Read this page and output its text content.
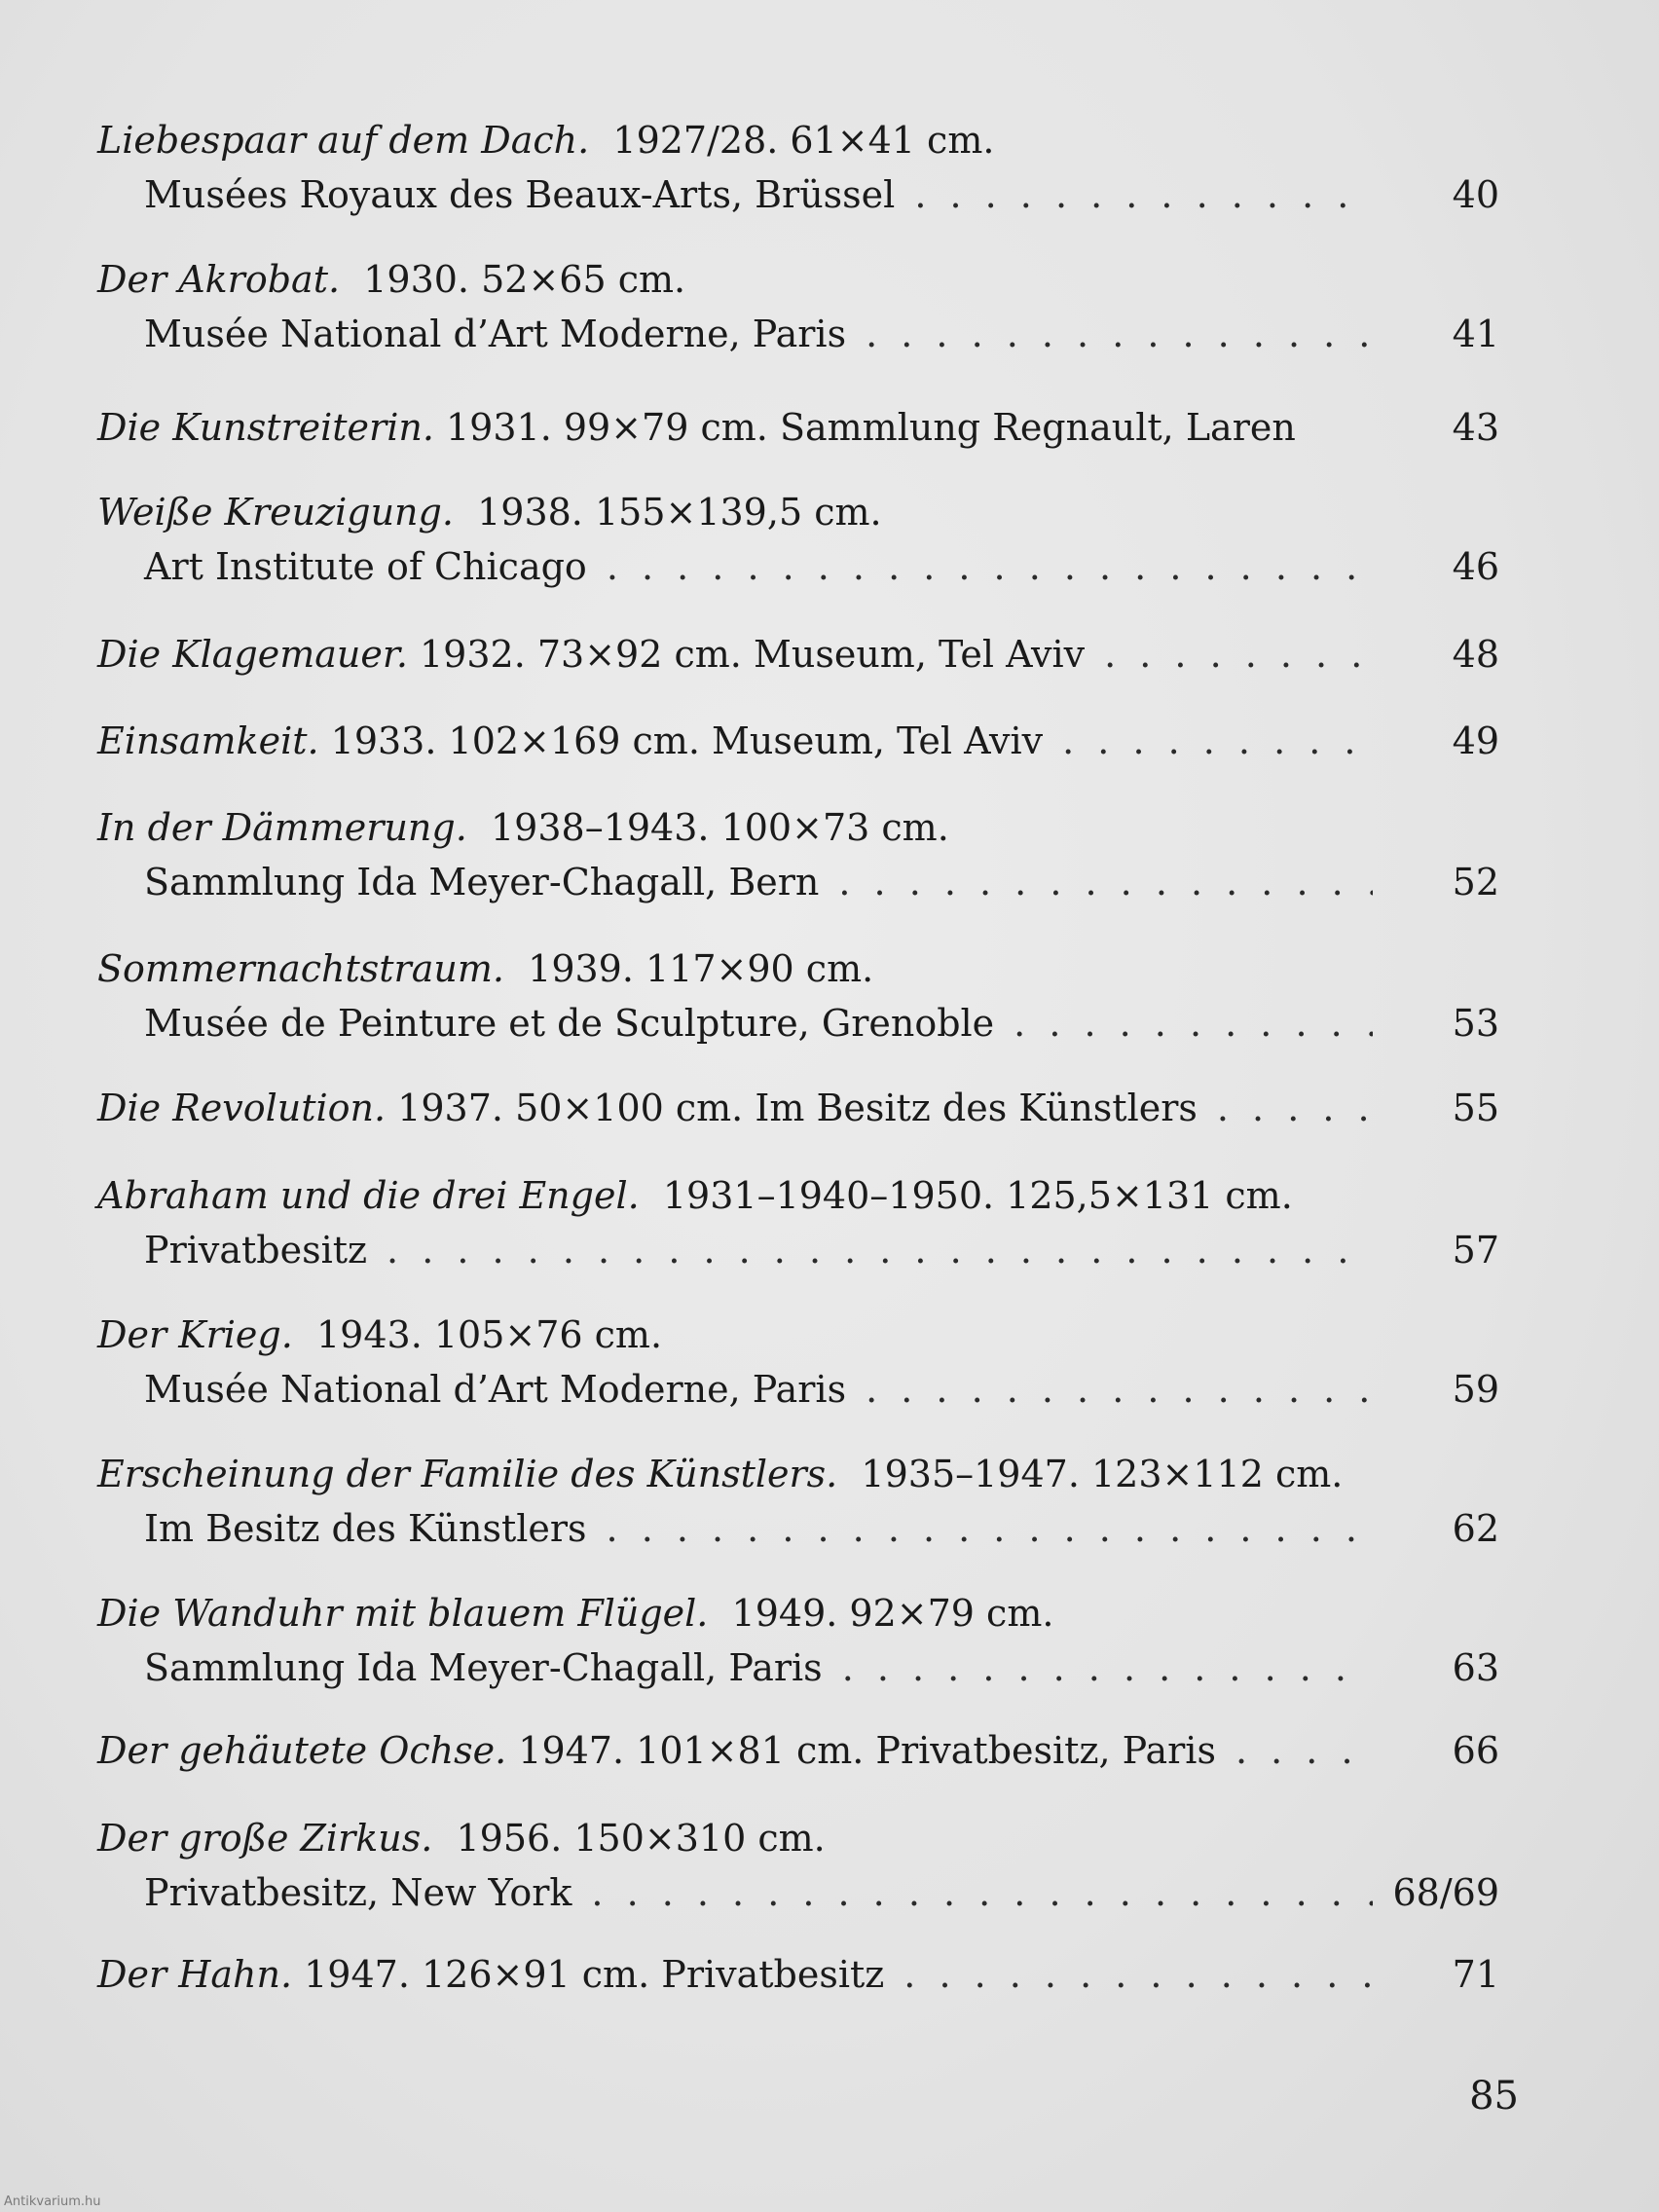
Liebespaar auf dem Dach.  1927/28. 61×41 cm.
Musées Royaux des Beaux-Arts, Brüssel . . .	40
Der Akrobat.  1930. 52×65 cm.
Musée National d’Art Moderne, Paris . . .	41
Die Kunstreiterin. 1931. 99×79 cm. Sammlung Regnault, Laren	43
Weiße Kreuzigung.  1938. 155×139,5 cm.
Art Institute of Chicago . . .	46
Die Klagemauer. 1932. 73×92 cm. Museum, Tel Aviv . . .	48
Einsamkeit. 1933. 102×169 cm. Museum, Tel Aviv . . .	49
In der Dämmerung.  1938–1943. 100×73 cm.
Sammlung Ida Meyer-Chagall, Bern . . .	52
Sommernachtstraum.  1939. 117×90 cm.
Musée de Peinture et de Sculpture, Grenoble . . .	53
Die Revolution. 1937. 50×100 cm. Im Besitz des Künstlers . . .	55
Abraham und die drei Engel.  1931–1940–1950. 125,5×131 cm.
Privatbesitz . . .	57
Der Krieg.  1943. 105×76 cm.
Musée National d’Art Moderne, Paris . . .	59
Erscheinung der Familie des Künstlers.  1935–1947. 123×112 cm.
Im Besitz des Künstlers . . .	62
Die Wanduhr mit blauem Flügel.  1949. 92×79 cm.
Sammlung Ida Meyer-Chagall, Paris . . .	63
Der gehäutete Ochse. 1947. 101×81 cm. Privatbesitz, Paris . . .	66
Der große Zirkus.  1956. 150×310 cm.
Privatbesitz, New York . . .	68/69
Der Hahn. 1947. 126×91 cm. Privatbesitz . . .	71
85
Antikvarium.hu
